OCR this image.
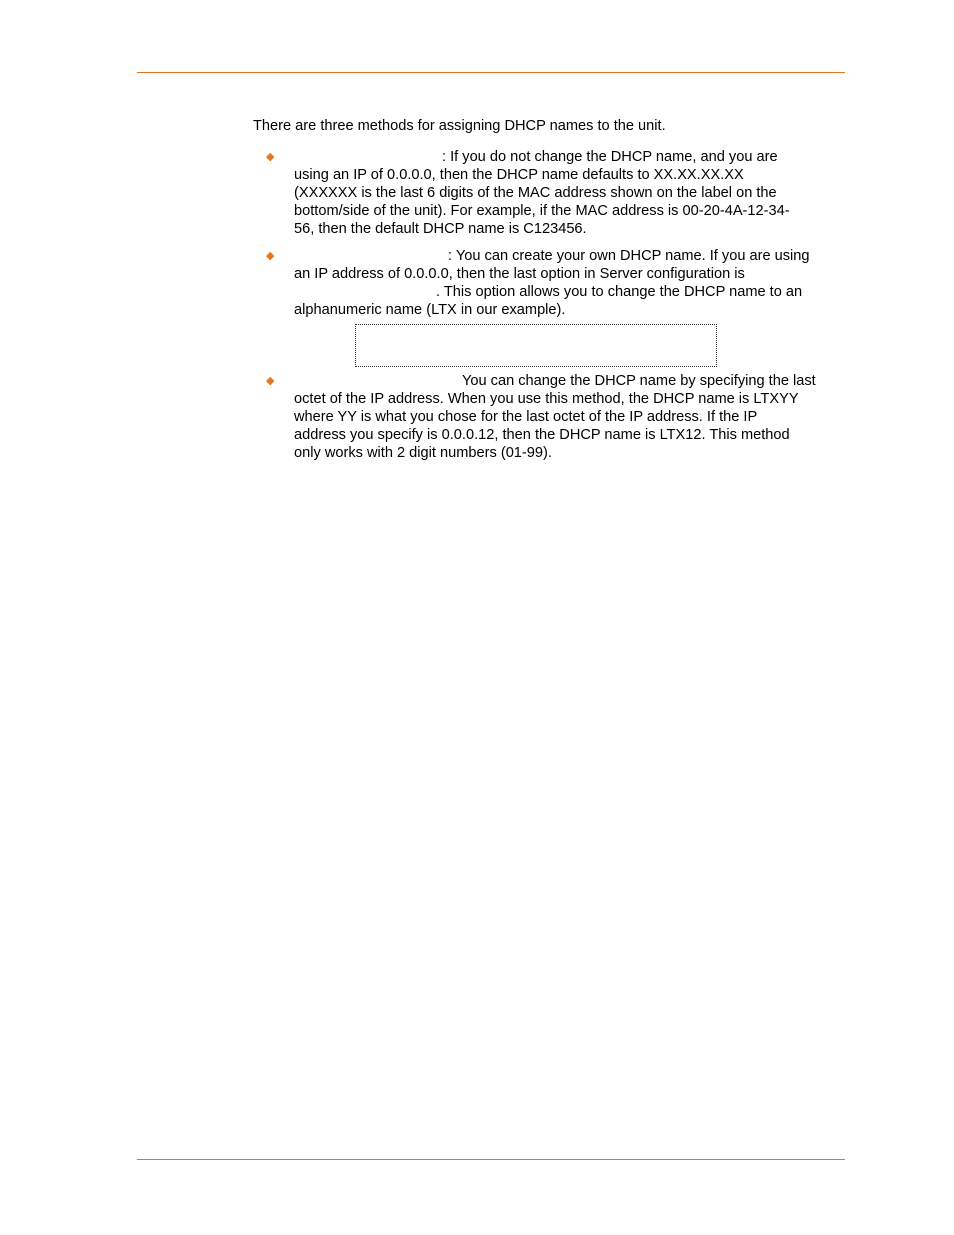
There are three methods for assigning DHCP names to the unit.

◆	: If you do not change the DHCP name, and you are
using an IP of 0.0.0.0, then the DHCP name defaults to XX.XX.XX.XX
(XXXXXX is the last 6 digits of the MAC address shown on the label on the
bottom/side of the unit). For example, if the MAC address is 00-20-4A-12-34-
56, then the default DHCP name is C123456.

◆	: You can create your own DHCP name. If you are using
an IP address of 0.0.0.0, then the last option in Server configuration is
. This option allows you to change the DHCP name to an
alphanumeric name (LTX in our example).

◆	You can change the DHCP name by specifying the last
octet of the IP address. When you use this method, the DHCP name is LTXYY
where YY is what you chose for the last octet of the IP address. If the IP
address you specify is 0.0.0.12, then the DHCP name is LTX12. This method
only works with 2 digit numbers (01-99).
